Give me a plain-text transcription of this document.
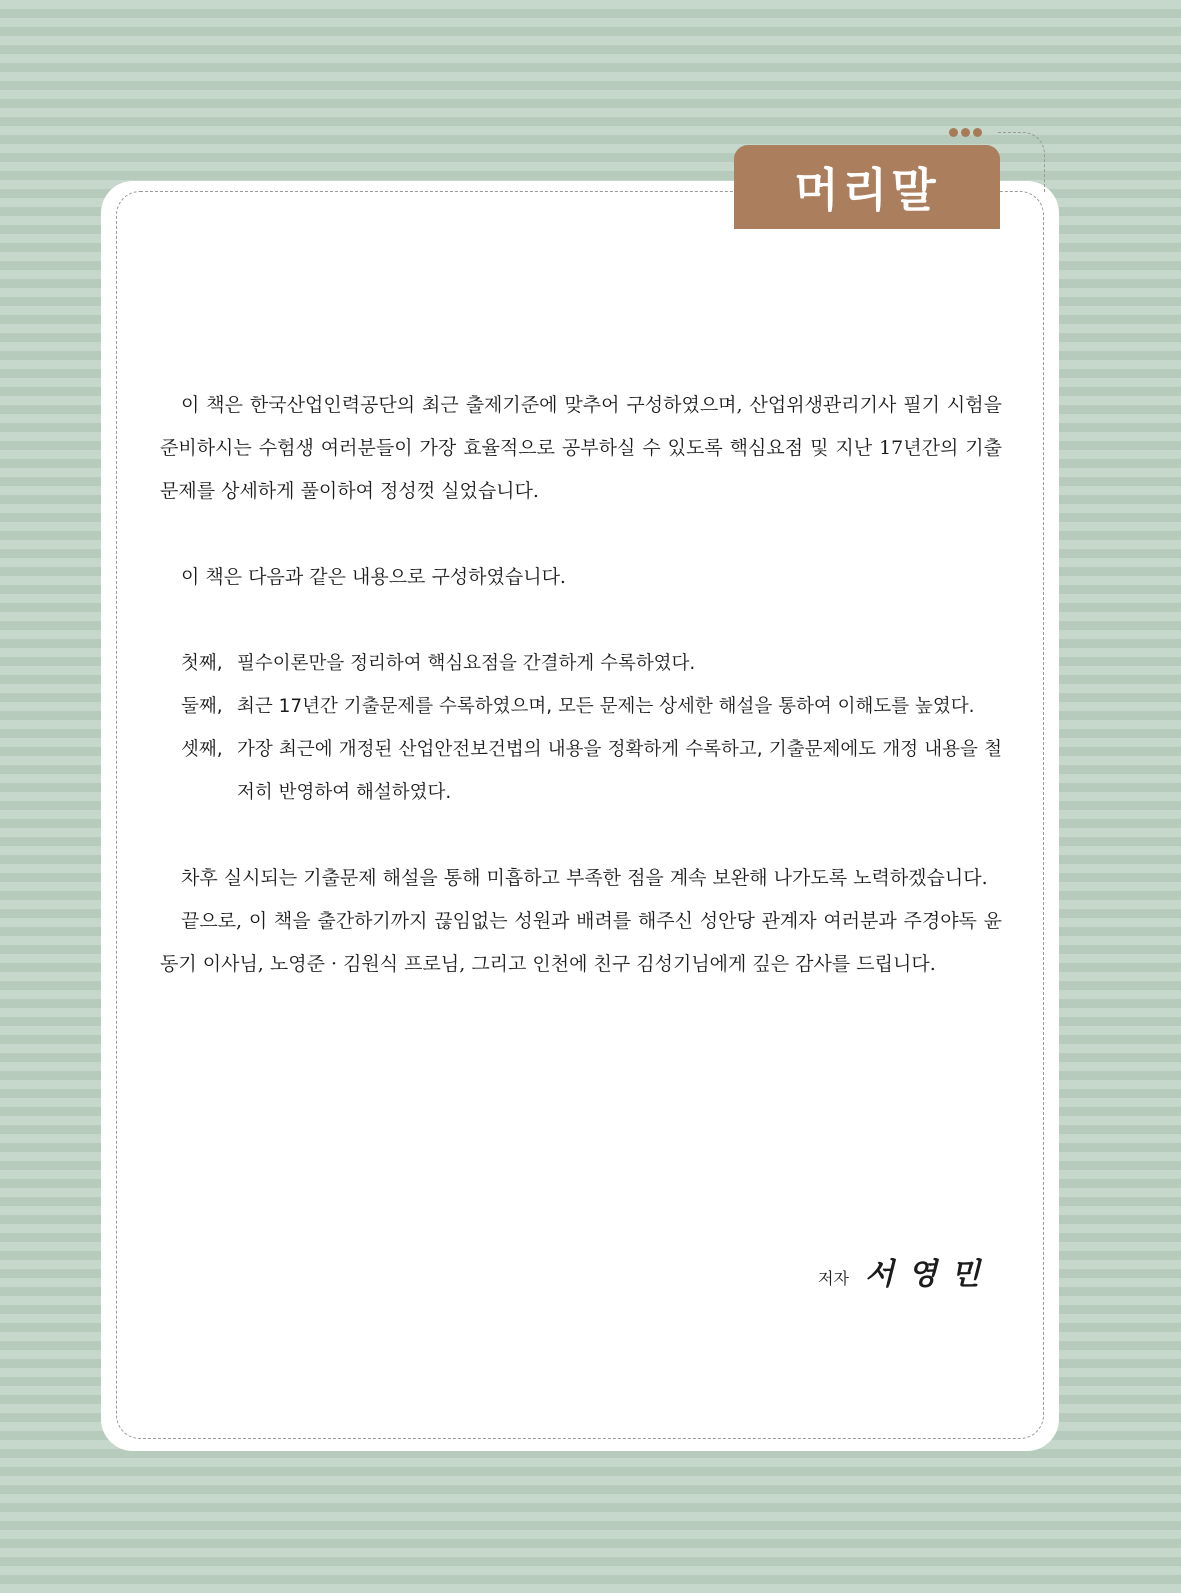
머리말

이 책은 한국산업인력공단의 최근 출제기준에 맞추어 구성하였으며, 산업위생관리기사 필기 시험을 준비하시는 수험생 여러분들이 가장 효율적으로 공부하실 수 있도록 핵심요점 및 지난 17년간의 기출문제를 상세하게 풀이하여 정성껏 실었습니다.

이 책은 다음과 같은 내용으로 구성하였습니다.

첫째, 필수이론만을 정리하여 핵심요점을 간결하게 수록하였다.
둘째, 최근 17년간 기출문제를 수록하였으며, 모든 문제는 상세한 해설을 통하여 이해도를 높였다.
셋째, 가장 최근에 개정된 산업안전보건법의 내용을 정확하게 수록하고, 기출문제에도 개정 내용을 철저히 반영하여 해설하였다.

차후 실시되는 기출문제 해설을 통해 미흡하고 부족한 점을 계속 보완해 나가도록 노력하겠습니다.

끝으로, 이 책을 출간하기까지 끊임없는 성원과 배려를 해주신 성안당 관계자 여러분과 주경야독 윤동기 이사님, 노영준 · 김원식 프로님, 그리고 인천에 친구 김성기님에게 깊은 감사를 드립니다.

저자 서영민
